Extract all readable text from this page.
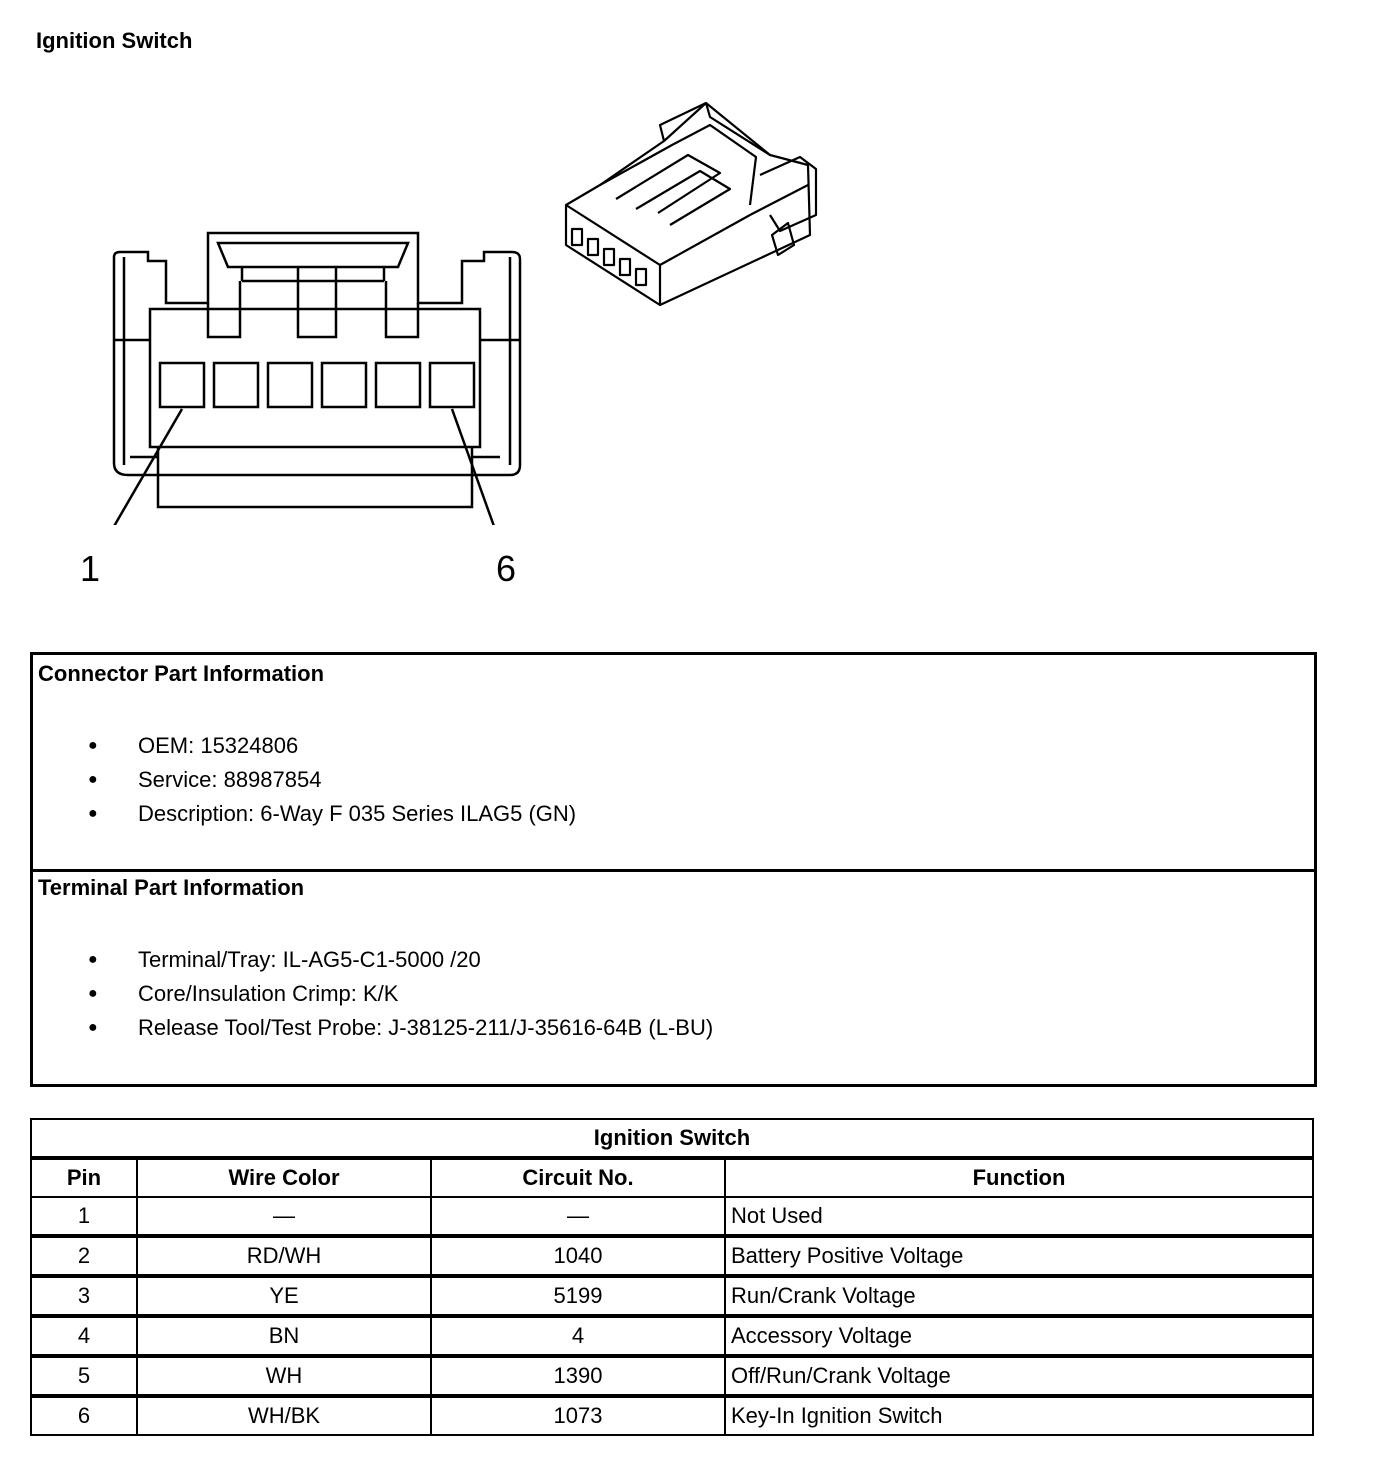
Ignition Switch
1	6
Connector Part Information
● OEM: 15324806
● Service: 88987854
● Description: 6-Way F 035 Series ILAG5 (GN)
Terminal Part Information
● Terminal/Tray: IL-AG5-C1-5000 /20
● Core/Insulation Crimp: K/K
● Release Tool/Test Probe: J-38125-211/J-35616-64B (L-BU)
Ignition Switch			
Pin	Wire Color	Circuit No.	Function
1	—	—	Not Used
2	RD/WH	1040	Battery Positive Voltage
3	YE	5199	Run/Crank Voltage
4	BN	4	Accessory Voltage
5	WH	1390	Off/Run/Crank Voltage
6	WH/BK	1073	Key-In Ignition Switch
